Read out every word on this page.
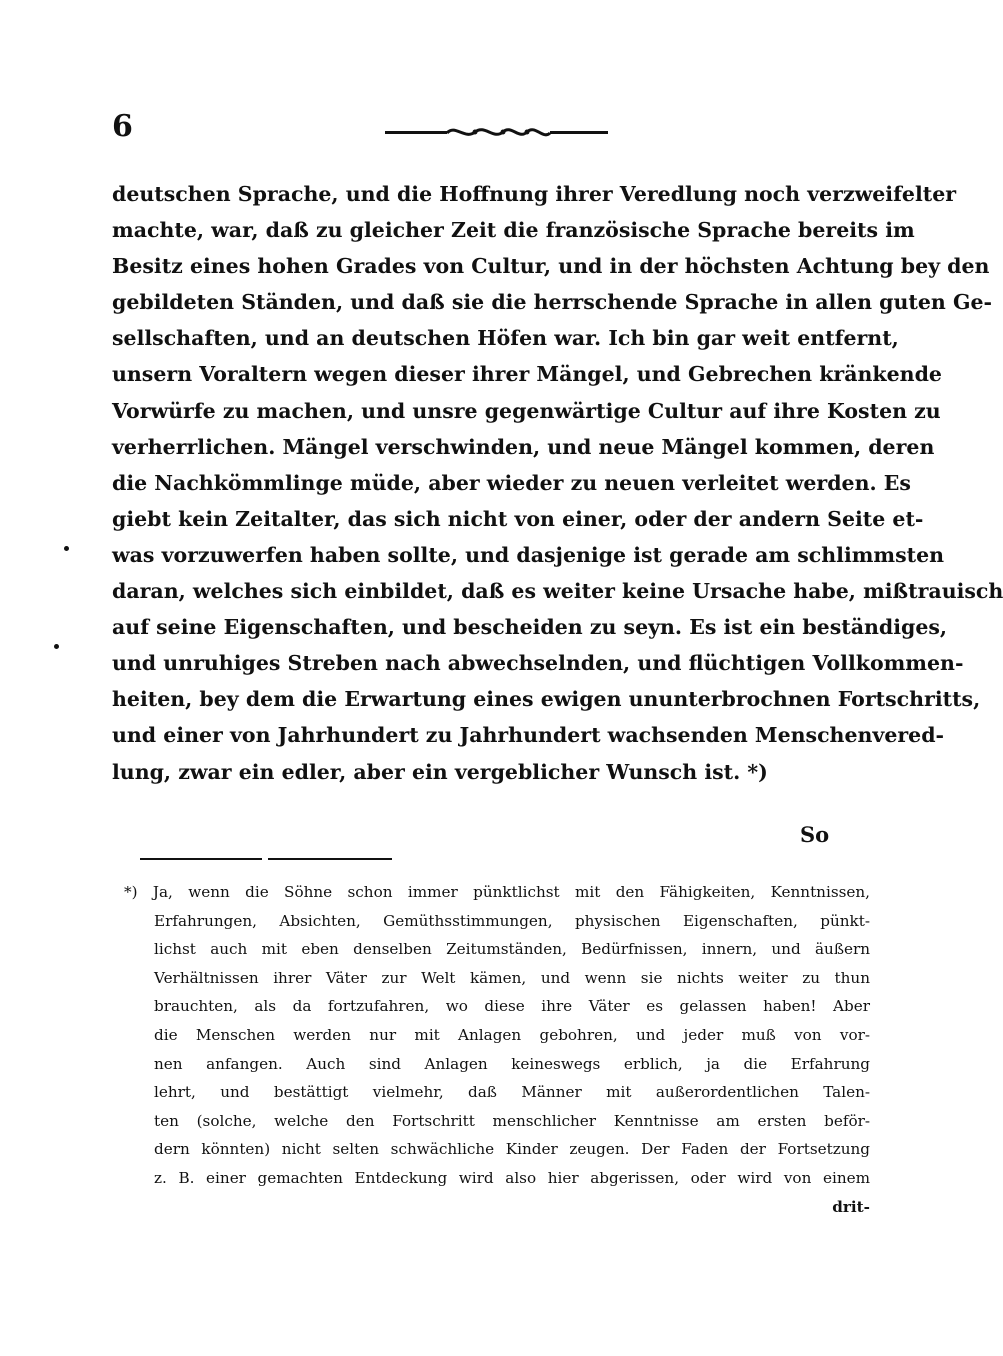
6
deutschen Sprache, und die Hoffnung ihrer Veredlung noch verzweifelter
machte, war, daß zu gleicher Zeit die französische Sprache bereits im
Besitz eines hohen Grades von Cultur, und in der höchsten Achtung bey den
gebildeten Ständen, und daß sie die herrschende Sprache in allen guten Ge-
sellschaften, und an deutschen Höfen war. Ich bin gar weit entfernt,
unsern Voraltern wegen dieser ihrer Mängel, und Gebrechen kränkende
Vorwürfe zu machen, und unsre gegenwärtige Cultur auf ihre Kosten zu
verherrlichen. Mängel verschwinden, und neue Mängel kommen, deren
die Nachkömmlinge müde, aber wieder zu neuen verleitet werden. Es
giebt kein Zeitalter, das sich nicht von einer, oder der andern Seite et-
was vorzuwerfen haben sollte, und dasjenige ist gerade am schlimmsten
daran, welches sich einbildet, daß es weiter keine Ursache habe, mißtrauisch
auf seine Eigenschaften, und bescheiden zu seyn. Es ist ein beständiges,
und unruhiges Streben nach abwechselnden, und flüchtigen Vollkommen-
heiten, bey dem die Erwartung eines ewigen ununterbrochnen Fortschritts,
und einer von Jahrhundert zu Jahrhundert wachsenden Menschenvered-
lung, zwar ein edler, aber ein vergeblicher Wunsch ist. *)
So
*) Ja, wenn die Söhne schon immer pünktlichst mit den Fähigkeiten, Kenntnissen,
Erfahrungen, Absichten, Gemüthsstimmungen, physischen Eigenschaften, pünkt-
lichst auch mit eben denselben Zeitumständen, Bedürfnissen, innern, und äußern
Verhältnissen ihrer Väter zur Welt kämen, und wenn sie nichts weiter zu thun
brauchten, als da fortzufahren, wo diese ihre Väter es gelassen haben! Aber
die Menschen werden nur mit Anlagen gebohren, und jeder muß von vor-
nen anfangen. Auch sind Anlagen keineswegs erblich, ja die Erfahrung
lehrt, und bestättigt vielmehr, daß Männer mit außerordentlichen Talen-
ten (solche, welche den Fortschritt menschlicher Kenntnisse am ersten beför-
dern könnten) nicht selten schwächliche Kinder zeugen. Der Faden der Fortsetzung
z. B. einer gemachten Entdeckung wird also hier abgerissen, oder wird von einem
drit-
